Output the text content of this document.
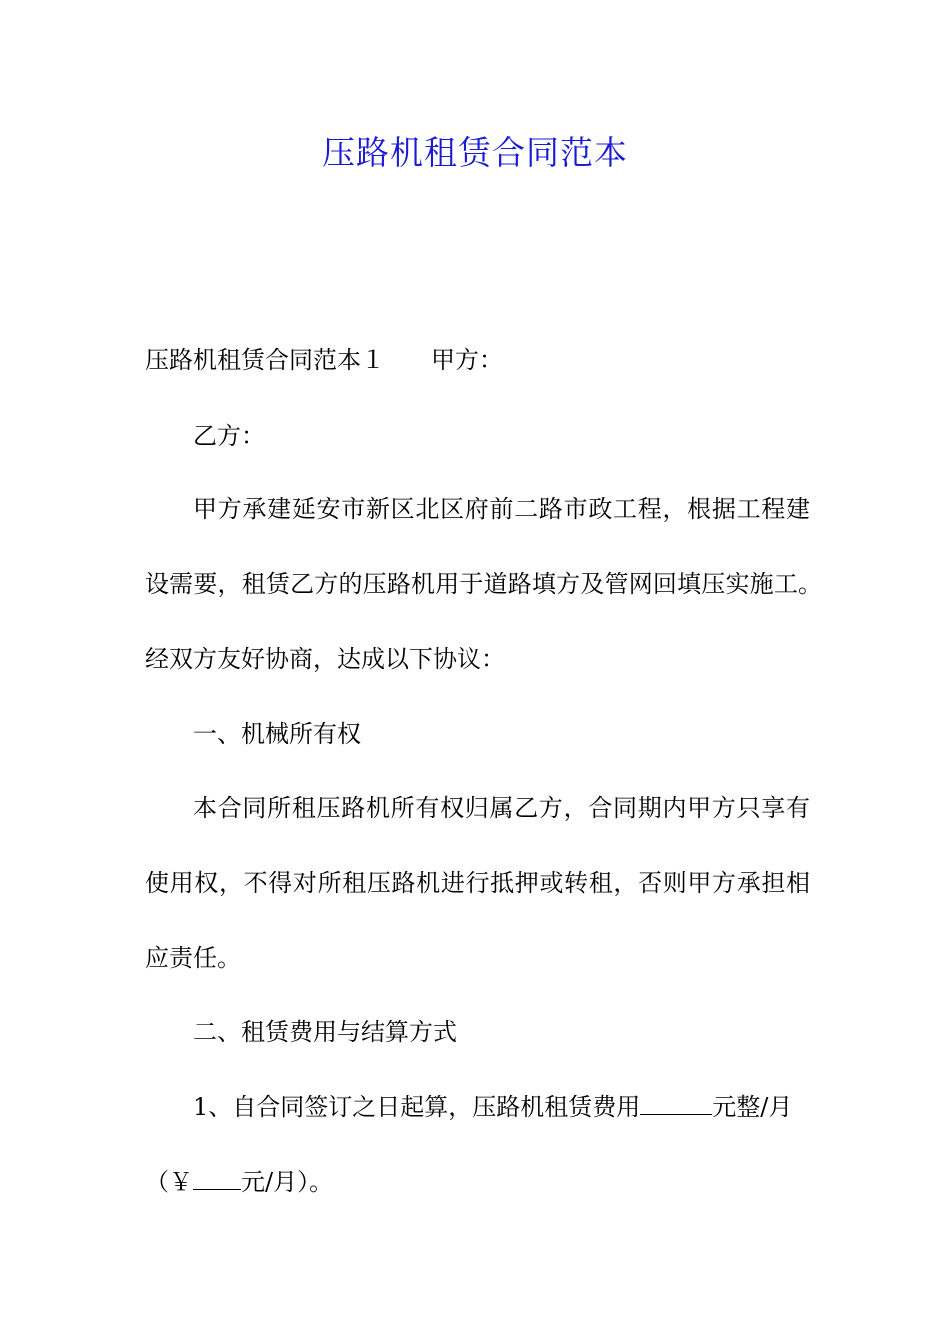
压路机租赁合同范本
压路机租赁合同范本１ 甲方：
乙方：
甲方承建延安市新区北区府前二路市政工程，根据工程建
设需要，租赁乙方的压路机用于道路填方及管网回填压实施工。
经双方友好协商，达成以下协议：
一、机械所有权
本合同所租压路机所有权归属乙方，合同期内甲方只享有
使用权，不得对所租压路机进行抵押或转租，否则甲方承担相
应责任。
二、租赁费用与结算方式
1、自合同签订之日起算，压路机租赁费用	元整/月
（￥ 元/月）。
